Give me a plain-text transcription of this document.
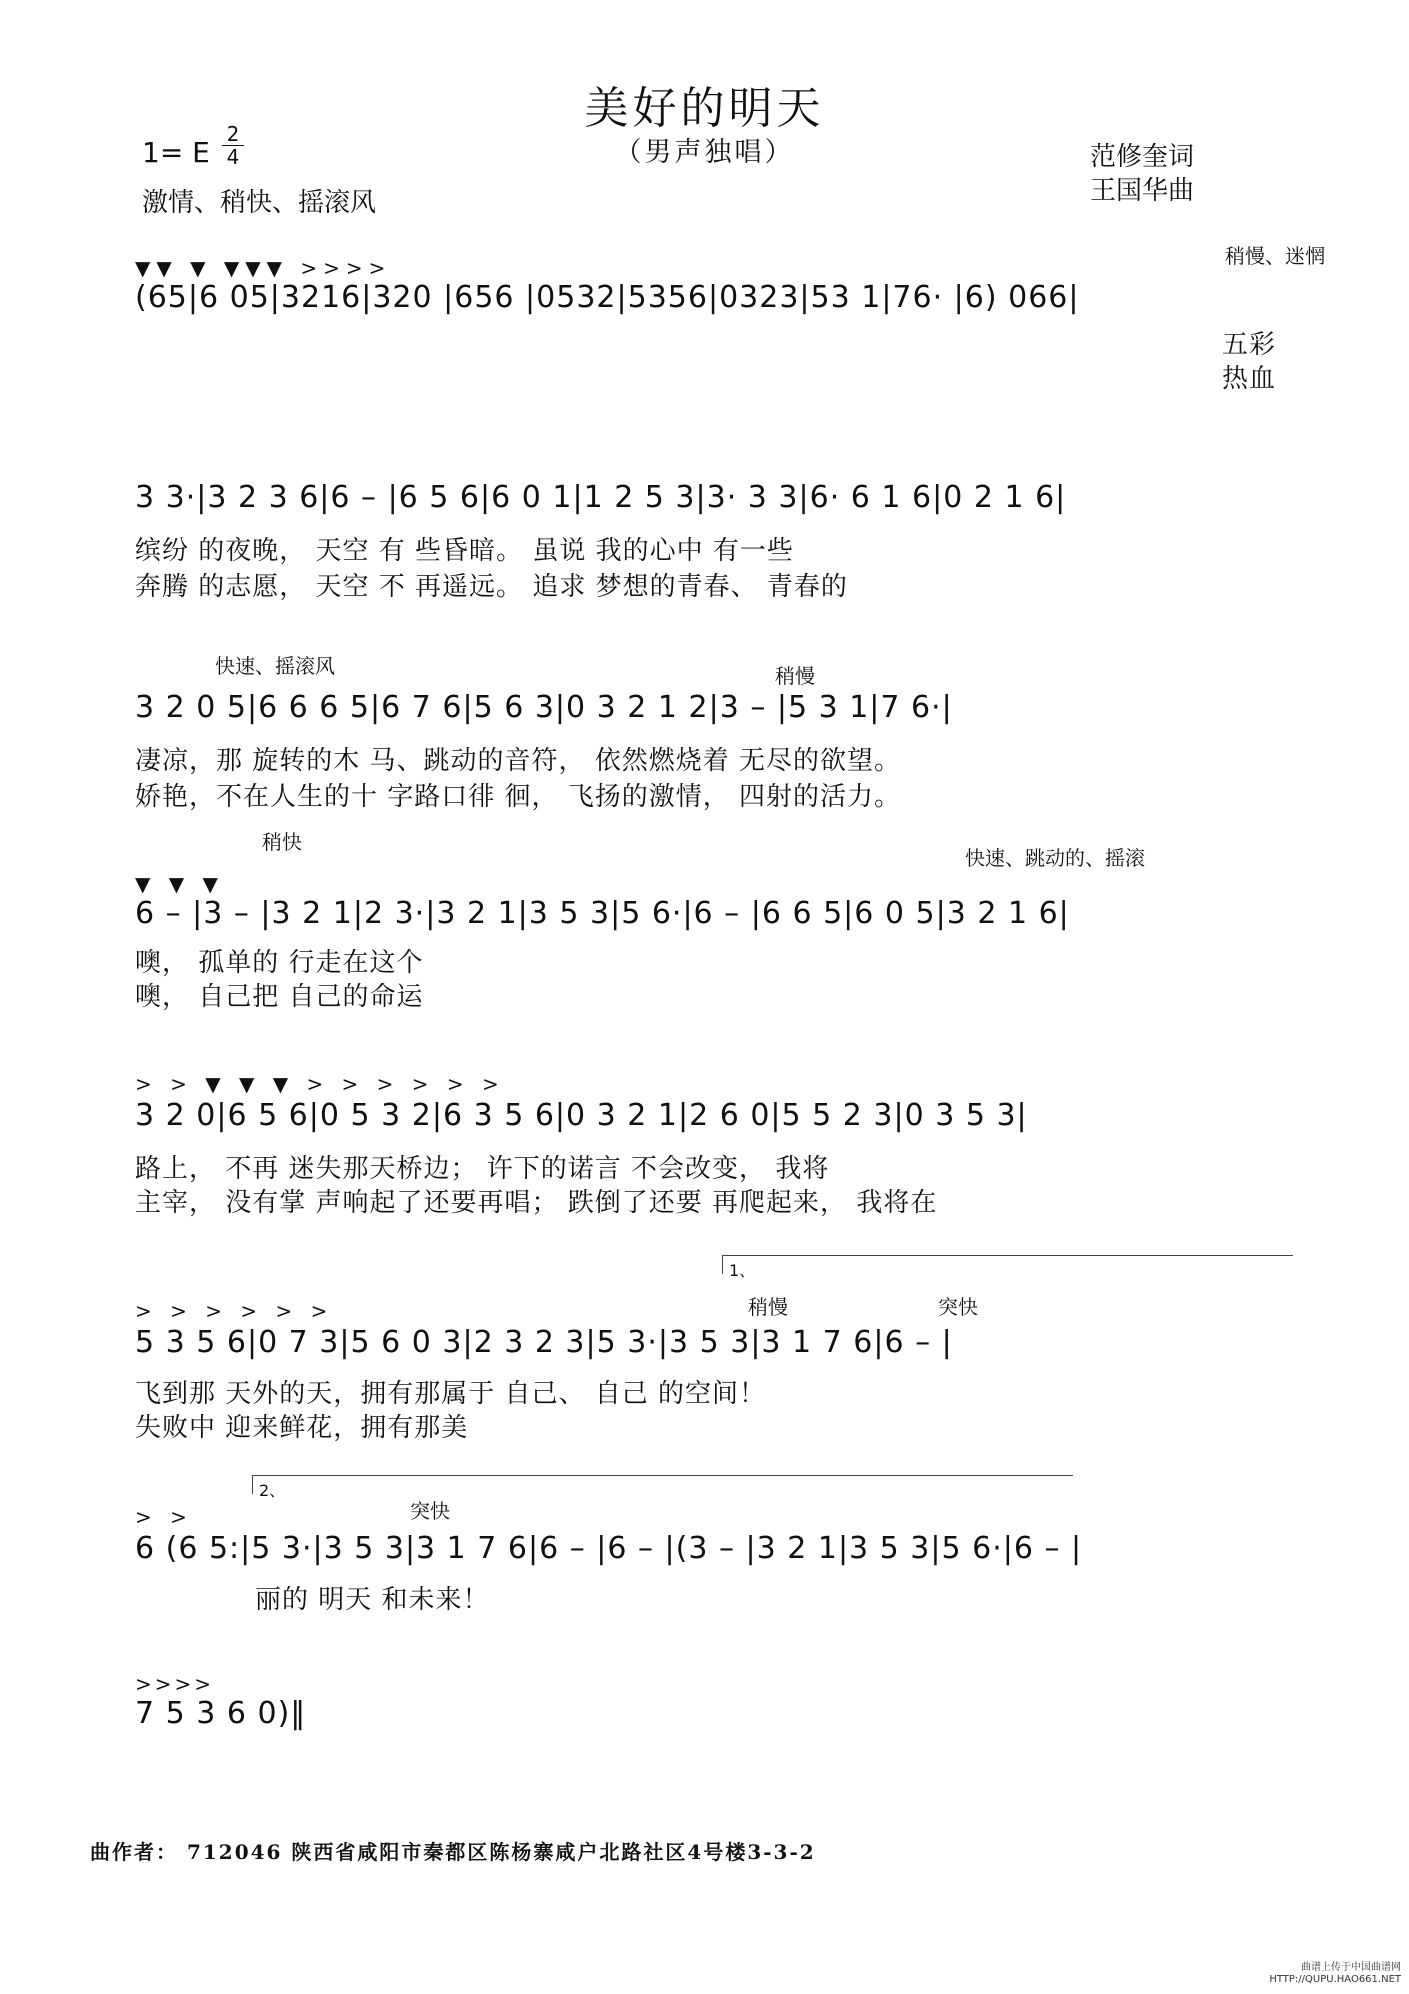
美好的明天
（男声独唱）
1= E
2
4
激情、稍快、摇滚风
范修奎词
王国华曲
稍慢、迷惘
▼▼ ▼ ▼▼▼ >>>>
(65|6 05|3216|320 |656 |0532|5356|0323|53 1|76· |6) 066|
五彩
热血
3 3·|3 2 3 6|6 – |6 5 6|6 0 1|1 2 5 3|3· 3 3|6· 6 1 6|0 2 1 6|
缤纷 的夜晚， 天空 有 些昏暗。 虽说 我的心中 有一些
奔腾 的志愿， 天空 不 再遥远。 追求 梦想的青春、 青春的
快速、摇滚风	稍慢
3 2 0 5|6 6 6 5|6 7 6|5 6 3|0 3 2 1 2|3 – |5 3 1|7 6·|
凄凉，那 旋转的木 马、跳动的音符， 依然燃烧着 无尽的欲望。
娇艳，不在人生的十 字路口徘 徊， 飞扬的激情， 四射的活力。
稍快
快速、跳动的、摇滚
▼ ▼ ▼
6 – |3 – |3 2 1|2 3·|3 2 1|3 5 3|5 6·|6 – |6 6 5|6 0 5|3 2 1 6|
噢， 孤单的 行走在这个
噢， 自己把 自己的命运
> > ▼ ▼ ▼ > > > > > >
3 2 0|6 5 6|0 5 3 2|6 3 5 6|0 3 2 1|2 6 0|5 5 2 3|0 3 5 3|
路上， 不再 迷失那天桥边； 许下的诺言 不会改变， 我将
主宰， 没有掌 声响起了还要再唱； 跌倒了还要 再爬起来， 我将在
1、
稍慢	突快
> > > > > >
5 3 5 6|0 7 3|5 6 0 3|2 3 2 3|5 3·|3 5 3|3 1 7 6|6 – |
飞到那 天外的天，拥有那属于 自己、 自己 的空间！
失败中 迎来鲜花，拥有那美
2、
突快
> >
6 (6 5:|5 3·|3 5 3|3 1 7 6|6 – |6 – |(3 – |3 2 1|3 5 3|5 6·|6 – |
丽的 明天 和未来！
>>>>
7 5 3 6 0)‖
曲作者： 712046 陕西省咸阳市秦都区陈杨寨咸户北路社区4号楼3-3-2
曲谱上传于中国曲谱网
HTTP://QUPU.HAO661.NET
